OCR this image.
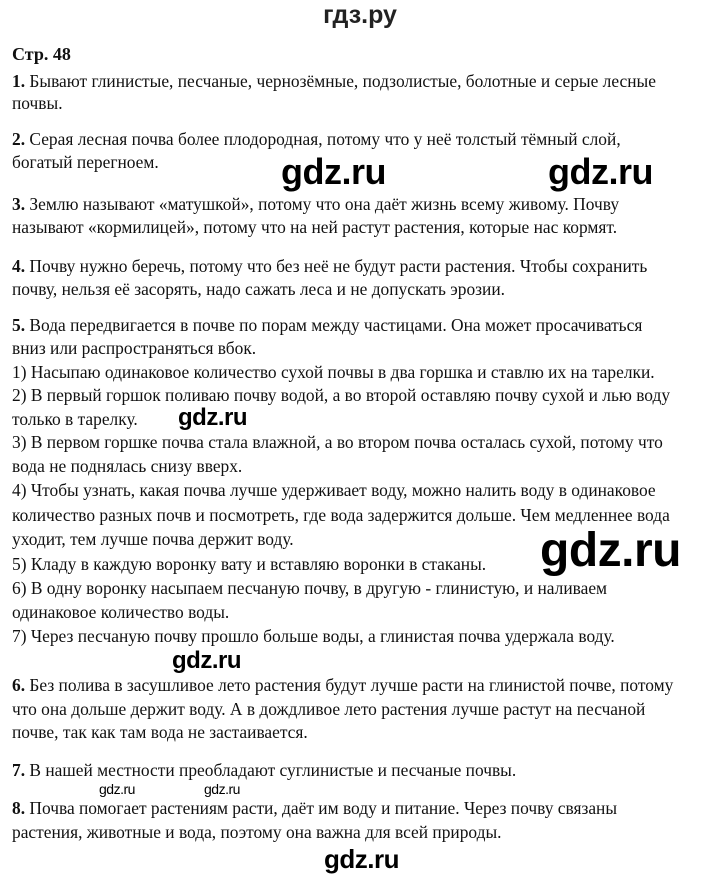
гдз.ру
Стр. 48
1. Бывают глинистые, песчаные, чернозёмные, подзолистые, болотные и серые лесные
почвы.
2. Серая лесная почва более плодородная, потому что у неё толстый тёмный слой,
богатый перегноем.
3. Землю называют «матушкой», потому что она даёт жизнь всему живому. Почву
называют «кормилицей», потому что на ней растут растения, которые нас кормят.
4. Почву нужно беречь, потому что без неё не будут расти растения. Чтобы сохранить
почву, нельзя её засорять, надо сажать леса и не допускать эрозии.
5. Вода передвигается в почве по порам между частицами. Она может просачиваться
вниз или распространяться вбок.
1) Насыпаю одинаковое количество сухой почвы в два горшка и ставлю их на тарелки.
2) В первый горшок поливаю почву водой, а во второй оставляю почву сухой и лью воду
только в тарелку.
3) В первом горшке почва стала влажной, а во втором почва осталась сухой, потому что
вода не поднялась снизу вверх.
4) Чтобы узнать, какая почва лучше удерживает воду, можно налить воду в одинаковое
количество разных почв и посмотреть, где вода задержится дольше. Чем медленнее вода
уходит, тем лучше почва держит воду.
5) Кладу в каждую воронку вату и вставляю воронки в стаканы.
6) В одну воронку насыпаем песчаную почву, в другую - глинистую, и наливаем
одинаковое количество воды.
7) Через песчаную почву прошло больше воды, а глинистая почва удержала воду.
6. Без полива в засушливое лето растения будут лучше расти на глинистой почве, потому
что она дольше держит воду. А в дождливое лето растения лучше растут на песчаной
почве, так как там вода не застаивается.
7. В нашей местности преобладают суглинистые и песчаные почвы.
8. Почва помогает растениям расти, даёт им воду и питание. Через почву связаны
растения, животные и вода, поэтому она важна для всей природы.
gdz.ru	gdz.ru
gdz.ru
gdz.ru
gdz.ru
gdz.ru	gdz.ru
gdz.ru
